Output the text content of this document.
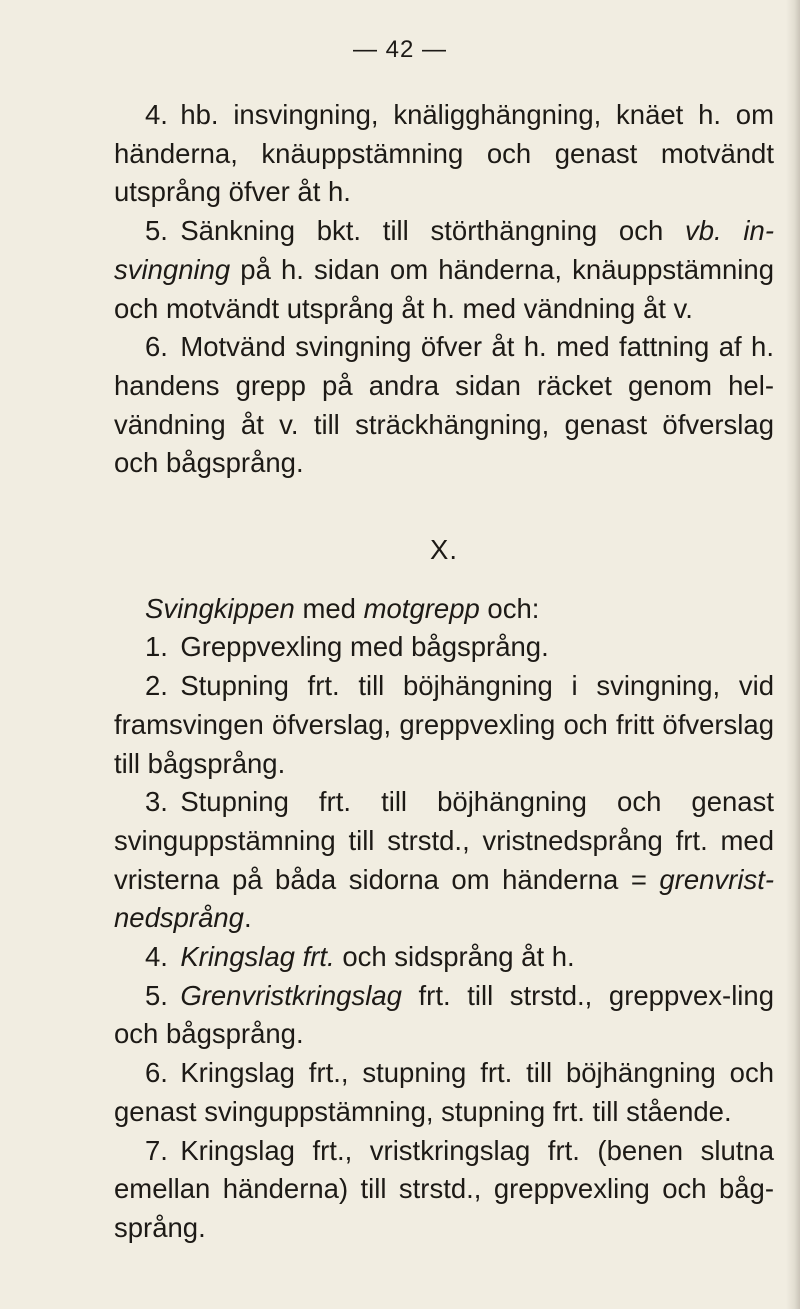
— 42 —

4. hb. insvingning, knäligghängning, knäet h. om händerna, knäuppstämning och genast motvändt utsprång öfver åt h.

5. Sänkning bkt. till störthängning och vb. in-svingning på h. sidan om händerna, knäuppstämning och motvändt utsprång åt h. med vändning åt v.

6. Motvänd svingning öfver åt h. med fattning af h. handens grepp på andra sidan räcket genom hel-vändning åt v. till sträckhängning, genast öfverslag och bågsprång.

X.

Svingkippen med motgrepp och:

1. Greppvexling med bågsprång.

2. Stupning frt. till böjhängning i svingning, vid framsvingen öfverslag, greppvexling och fritt öfverslag till bågsprång.

3. Stupning frt. till böjhängning och genast svinguppstämning till strstd., vristnedsprång frt. med vristerna på båda sidorna om händerna = grenvrist-nedsprång.

4. Kringslag frt. och sidsprång åt h.

5. Grenvristkringslag frt. till strstd., greppvex-ling och bågsprång.

6. Kringslag frt., stupning frt. till böjhängning och genast svinguppstämning, stupning frt. till stående.

7. Kringslag frt., vristkringslag frt. (benen slutna emellan händerna) till strstd., greppvexling och båg-språng.
